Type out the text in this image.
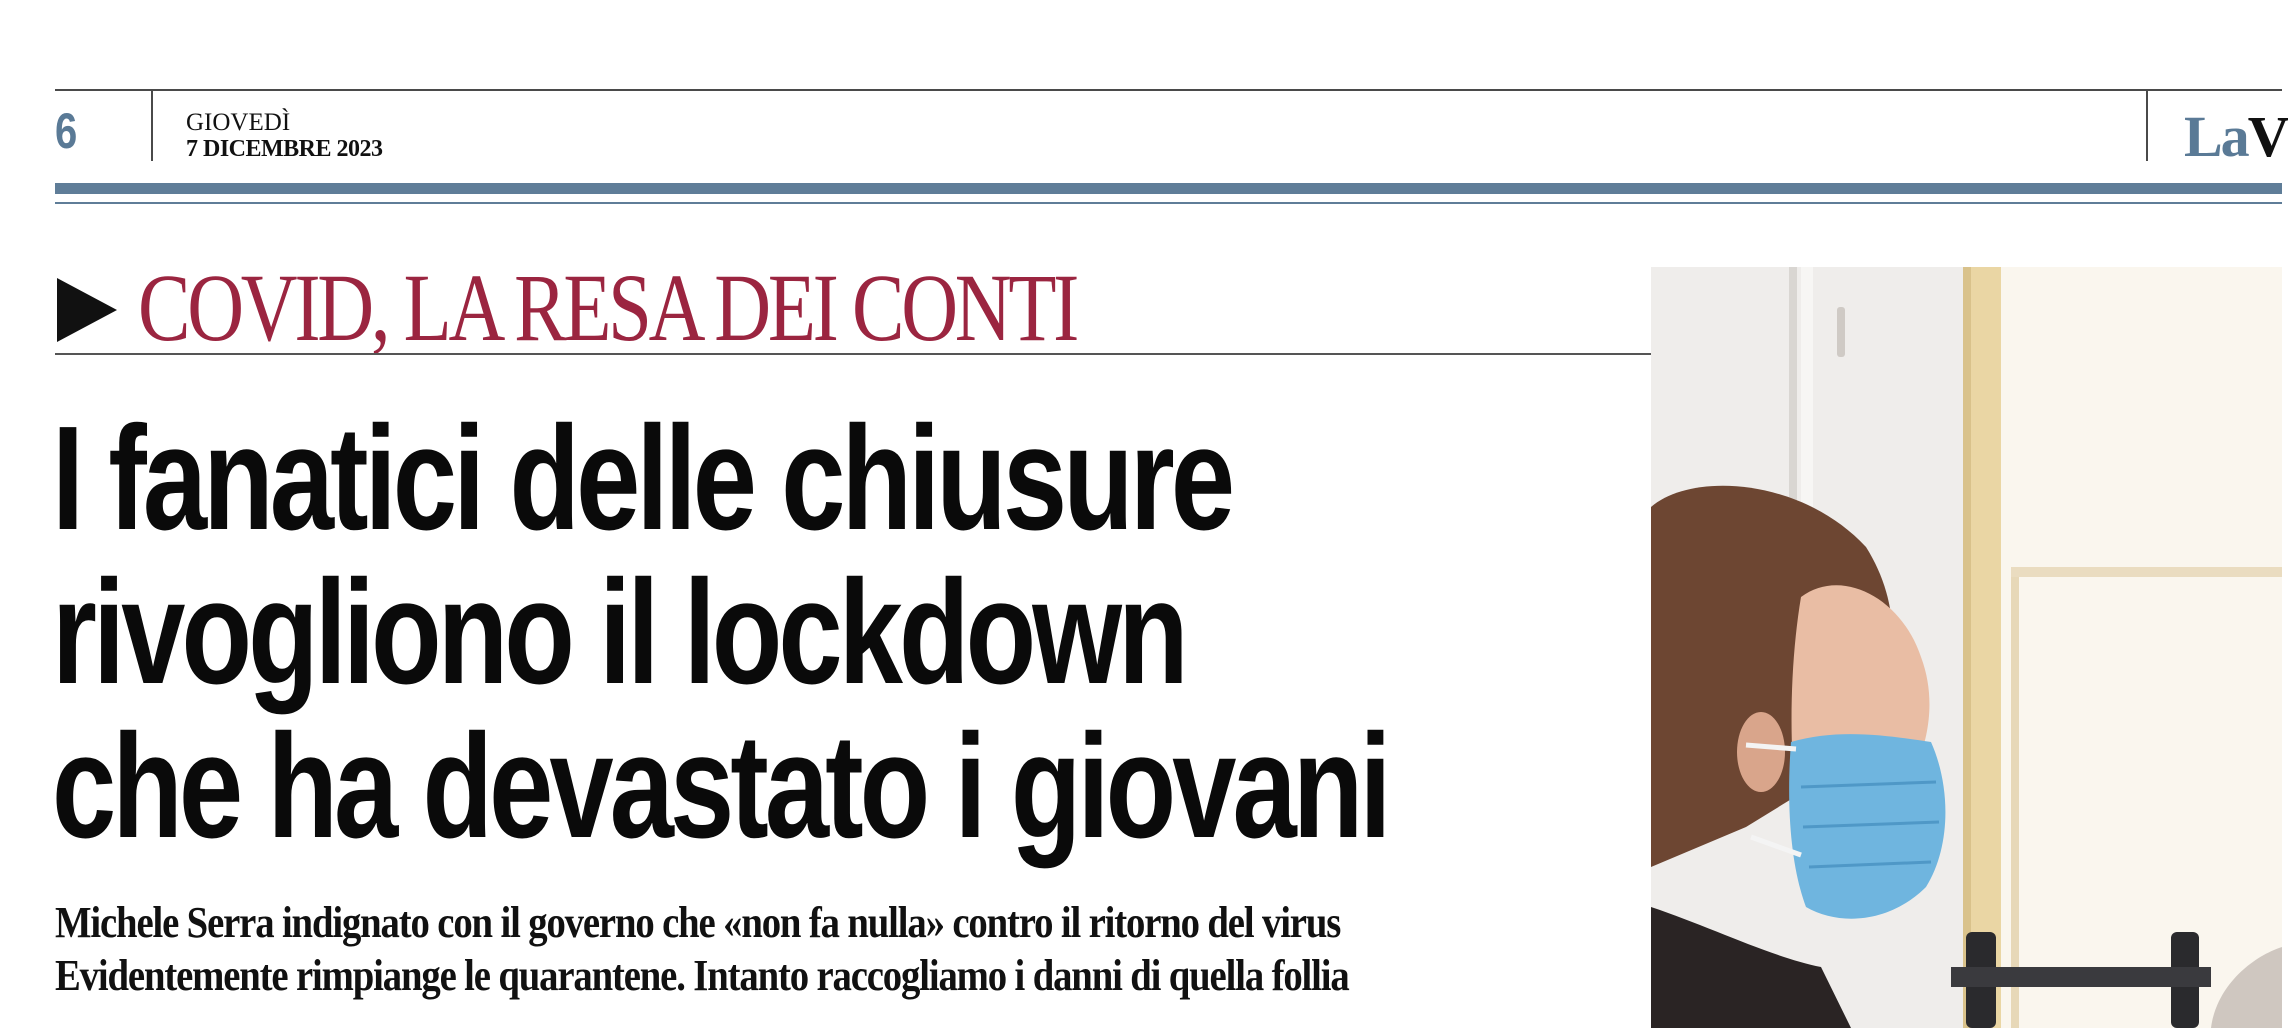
6	GIOVEDÌ
7 DICEMBRE 2023	LaV
COVID, LA RESA DEI CONTI
I fanatici delle chiusure
rivogliono il lockdown
che ha devastato i giovani
Michele Serra indignato con il governo che «non fa nulla» contro il ritorno del virus
Evidentemente rimpiange le quarantene. Intanto raccogliamo i danni di quella follia
